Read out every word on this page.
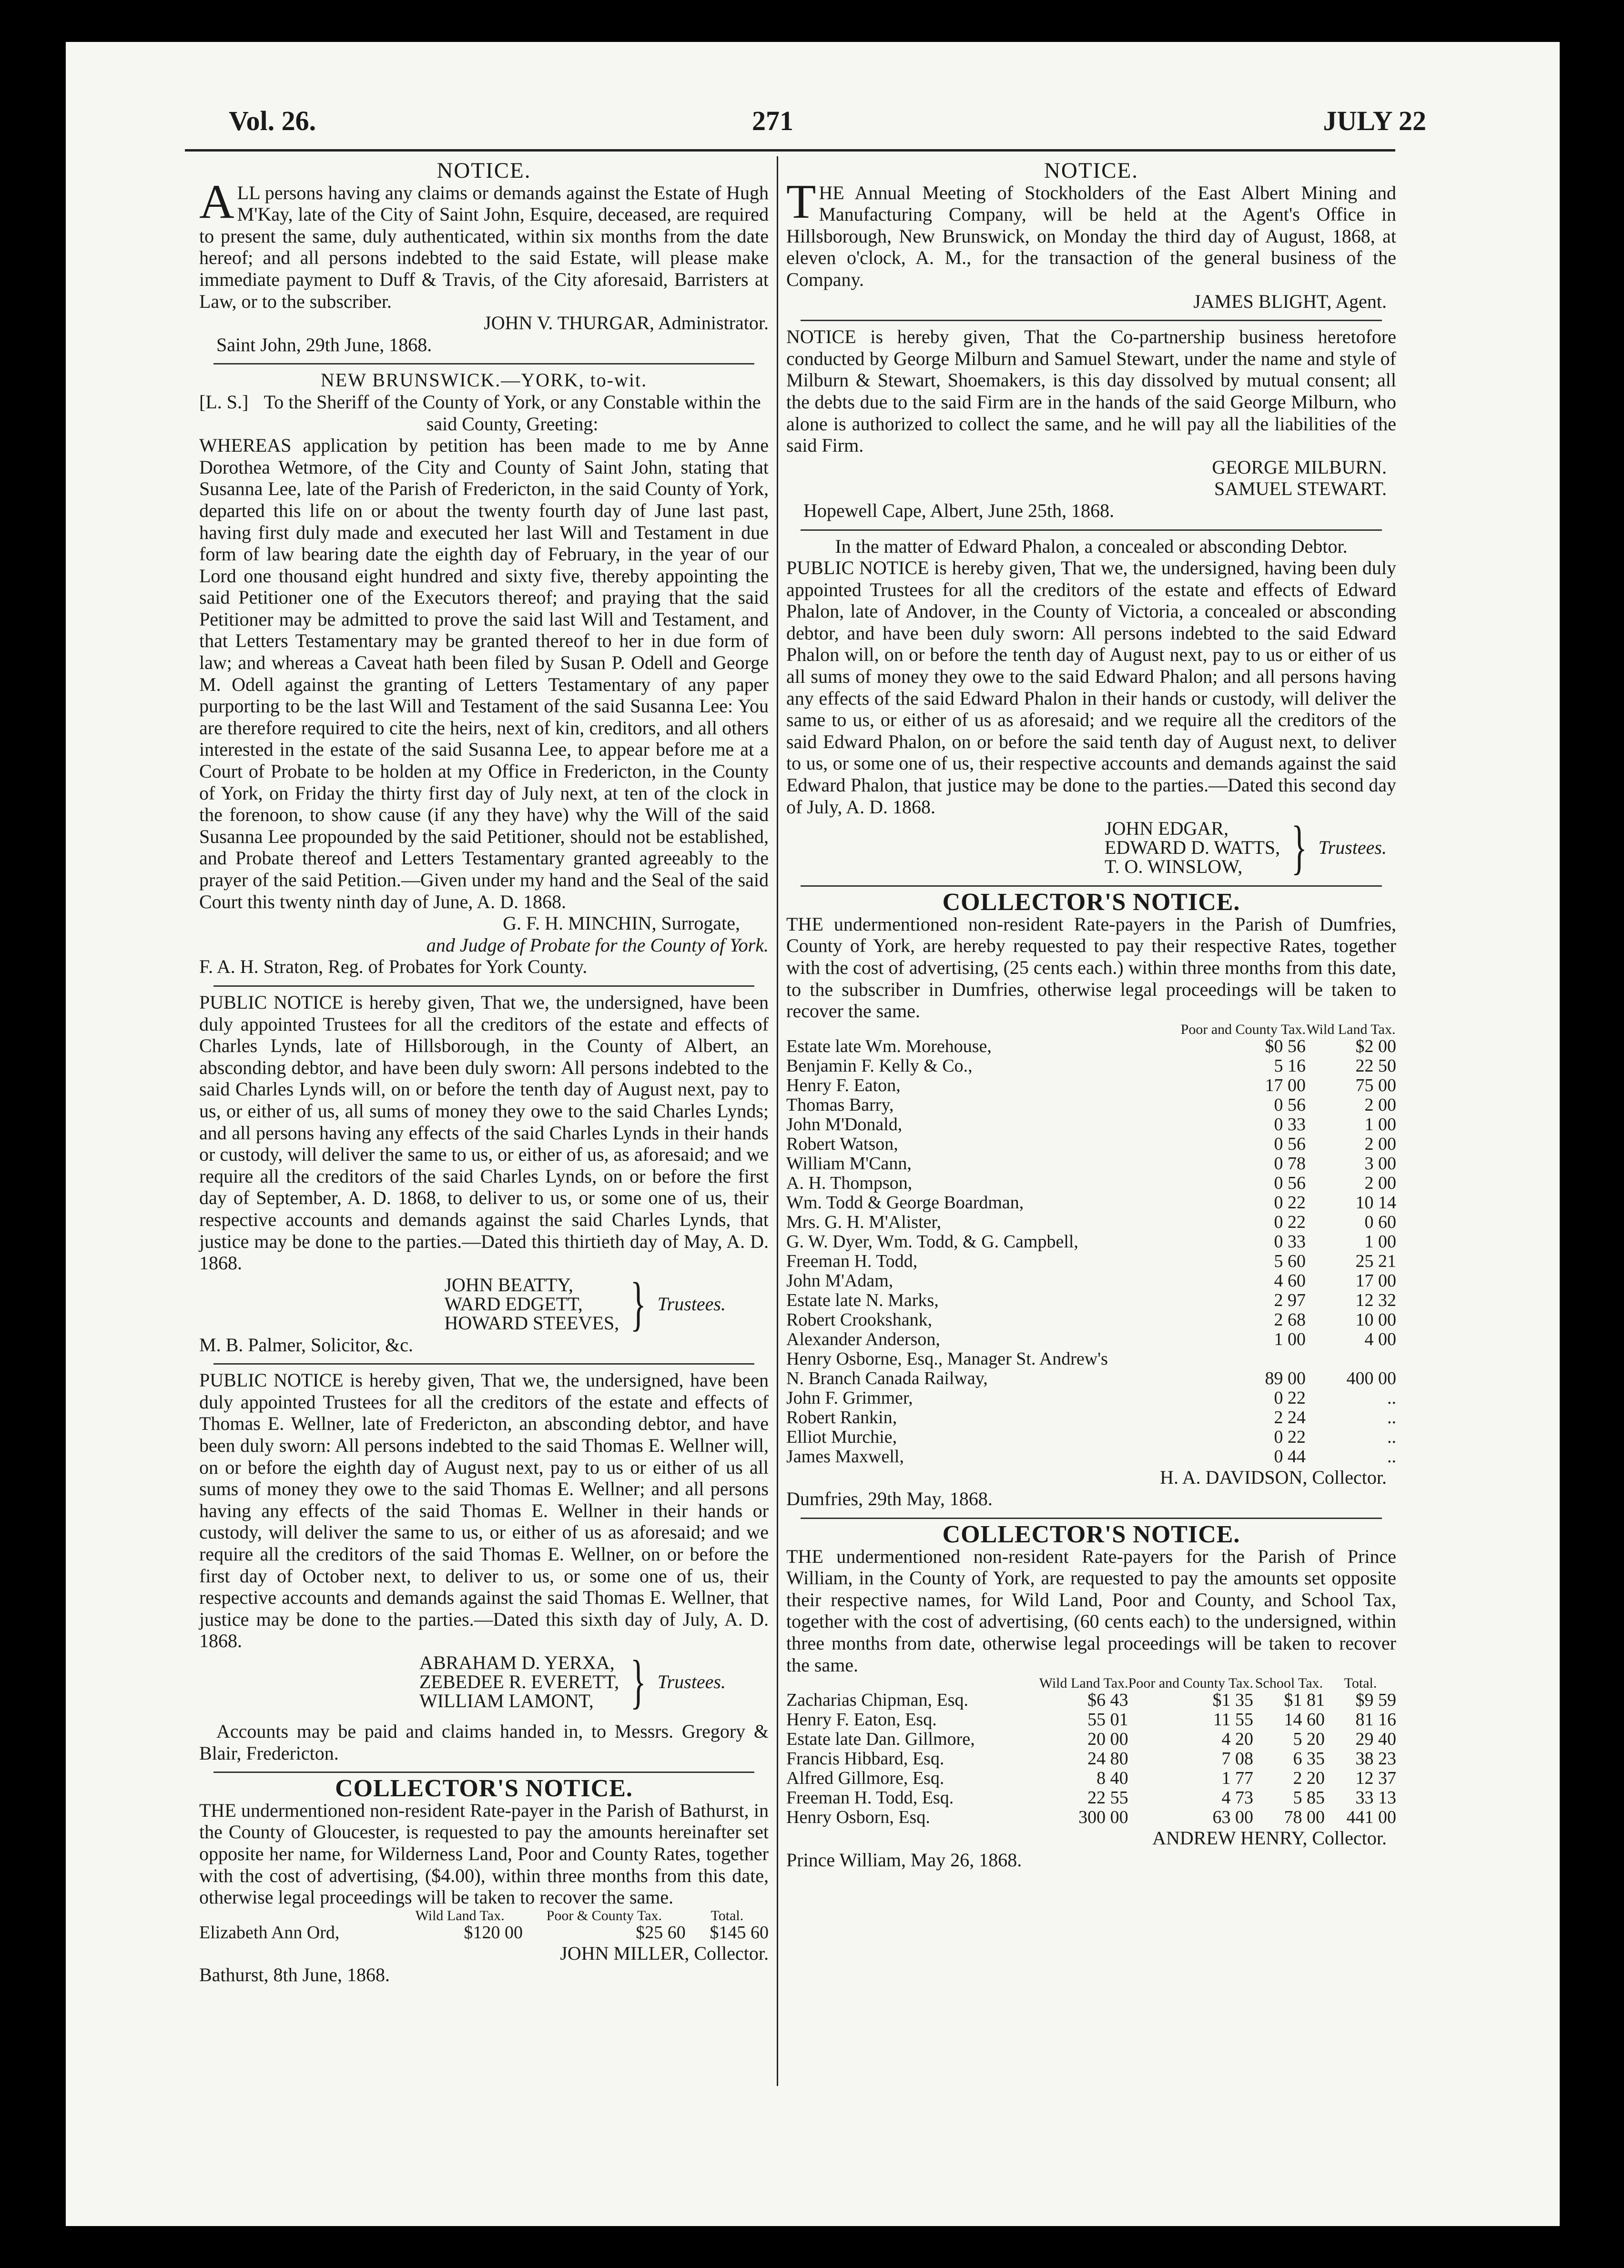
Vol. 26.	271	JULY 22

NOTICE.

ALL persons having any claims or demands against the Estate of Hugh M'Kay, late of the City of Saint John, Esquire, deceased, are required to present the same, duly authenticated, within six months from the date hereof; and all persons indebted to the said Estate, will please make immediate payment to Duff & Travis, of the City aforesaid, Barristers at Law, or to the subscriber.

JOHN V. THURGAR, Administrator.

Saint John, 29th June, 1868.

NEW BRUNSWICK.—YORK, to-wit.

[L. S.] To the Sheriff of the County of York, or any Constable within the said County, Greeting:

WHEREAS application by petition has been made to me by Anne Dorothea Wetmore, of the City and County of Saint John, stating that Susanna Lee, late of the Parish of Fredericton, in the said County of York, departed this life on or about the twenty fourth day of June last past, having first duly made and executed her last Will and Testament in due form of law bearing date the eighth day of February, in the year of our Lord one thousand eight hundred and sixty five, thereby appointing the said Petitioner one of the Executors thereof; and praying that the said Petitioner may be admitted to prove the said last Will and Testament, and that Letters Testamentary may be granted thereof to her in due form of law; and whereas a Caveat hath been filed by Susan P. Odell and George M. Odell against the granting of Letters Testamentary of any paper purporting to be the last Will and Testament of the said Susanna Lee: You are therefore required to cite the heirs, next of kin, creditors, and all others interested in the estate of the said Susanna Lee, to appear before me at a Court of Probate to be holden at my Office in Fredericton, in the County of York, on Friday the thirty first day of July next, at ten of the clock in the forenoon, to show cause (if any they have) why the Will of the said Susanna Lee propounded by the said Petitioner, should not be established, and Probate thereof and Letters Testamentary granted agreeably to the prayer of the said Petition.—Given under my hand and the Seal of the said Court this twenty ninth day of June, A. D. 1868.

G. F. H. MINCHIN, Surrogate,

and Judge of Probate for the County of York.

F. A. H. Straton, Reg. of Probates for York County.

PUBLIC NOTICE is hereby given, That we, the undersigned, have been duly appointed Trustees for all the creditors of the estate and effects of Charles Lynds, late of Hillsborough, in the County of Albert, an absconding debtor, and have been duly sworn: All persons indebted to the said Charles Lynds will, on or before the tenth day of August next, pay to us, or either of us, all sums of money they owe to the said Charles Lynds; and all persons having any effects of the said Charles Lynds in their hands or custody, will deliver the same to us, or either of us, as aforesaid; and we require all the creditors of the said Charles Lynds, on or before the first day of September, A. D. 1868, to deliver to us, or some one of us, their respective accounts and demands against the said Charles Lynds, that justice may be done to the parties.—Dated this thirtieth day of May, A. D. 1868.

JOHN BEATTY,
WARD EDGETT,
HOWARD STEEVES, } Trustees.

M. B. Palmer, Solicitor, &c.

PUBLIC NOTICE is hereby given, That we, the undersigned, have been duly appointed Trustees for all the creditors of the estate and effects of Thomas E. Wellner, late of Fredericton, an absconding debtor, and have been duly sworn: All persons indebted to the said Thomas E. Wellner will, on or before the eighth day of August next, pay to us or either of us all sums of money they owe to the said Thomas E. Wellner; and all persons having any effects of the said Thomas E. Wellner in their hands or custody, will deliver the same to us, or either of us as aforesaid; and we require all the creditors of the said Thomas E. Wellner, on or before the first day of October next, to deliver to us, or some one of us, their respective accounts and demands against the said Thomas E. Wellner, that justice may be done to the parties.—Dated this sixth day of July, A. D. 1868.

ABRAHAM D. YERXA,
ZEBEDEE R. EVERETT,
WILLIAM LAMONT, } Trustees.

Accounts may be paid and claims handed in, to Messrs. Gregory & Blair, Fredericton.

COLLECTOR'S NOTICE.

THE undermentioned non-resident Rate-payer in the Parish of Bathurst, in the County of Gloucester, is requested to pay the amounts hereinafter set opposite her name, for Wilderness Land, Poor and County Rates, together with the cost of advertising, ($4.00), within three months from this date, otherwise legal proceedings will be taken to recover the same.

	Wild Land Tax.	Poor & County Tax.	Total.
Elizabeth Ann Ord,	$120 00	$25 60	$145 60

JOHN MILLER, Collector.

Bathurst, 8th June, 1868.

NOTICE.

THE Annual Meeting of Stockholders of the East Albert Mining and Manufacturing Company, will be held at the Agent's Office in Hillsborough, New Brunswick, on Monday the third day of August, 1868, at eleven o'clock, A. M., for the transaction of the general business of the Company.

JAMES BLIGHT, Agent.

NOTICE is hereby given, That the Co-partnership business heretofore conducted by George Milburn and Samuel Stewart, under the name and style of Milburn & Stewart, Shoemakers, is this day dissolved by mutual consent; all the debts due to the said Firm are in the hands of the said George Milburn, who alone is authorized to collect the same, and he will pay all the liabilities of the said Firm.

GEORGE MILBURN.

SAMUEL STEWART.

Hopewell Cape, Albert, June 25th, 1868.

In the matter of Edward Phalon, a concealed or absconding Debtor.

PUBLIC NOTICE is hereby given, That we, the undersigned, having been duly appointed Trustees for all the creditors of the estate and effects of Edward Phalon, late of Andover, in the County of Victoria, a concealed or absconding debtor, and have been duly sworn: All persons indebted to the said Edward Phalon will, on or before the tenth day of August next, pay to us or either of us all sums of money they owe to the said Edward Phalon; and all persons having any effects of the said Edward Phalon in their hands or custody, will deliver the same to us, or either of us as aforesaid; and we require all the creditors of the said Edward Phalon, on or before the said tenth day of August next, to deliver to us, or some one of us, their respective accounts and demands against the said Edward Phalon, that justice may be done to the parties.—Dated this second day of July, A. D. 1868.

JOHN EDGAR,
EDWARD D. WATTS,
T. O. WINSLOW, } Trustees.

COLLECTOR'S NOTICE.

THE undermentioned non-resident Rate-payers in the Parish of Dumfries, County of York, are hereby requested to pay their respective Rates, together with the cost of advertising, (25 cents each.) within three months from this date, to the subscriber in Dumfries, otherwise legal proceedings will be taken to recover the same.

	Poor and County Tax.	Wild Land Tax.
Estate late Wm. Morehouse,	$0 56	$2 00
Benjamin F. Kelly & Co.,	5 16	22 50
Henry F. Eaton,	17 00	75 00
Thomas Barry,	0 56	2 00
John M'Donald,	0 33	1 00
Robert Watson,	0 56	2 00
William M'Cann,	0 78	3 00
A. H. Thompson,	0 56	2 00
Wm. Todd & George Boardman,	0 22	10 14
Mrs. G. H. M'Alister,	0 22	0 60
G. W. Dyer, Wm. Todd, & G. Campbell,	0 33	1 00
Freeman H. Todd,	5 60	25 21
John M'Adam,	4 60	17 00
Estate late N. Marks,	2 97	12 32
Robert Crookshank,	2 68	10 00
Alexander Anderson,	1 00	4 00
Henry Osborne, Esq., Manager St. Andrew's		
N. Branch Canada Railway,	89 00	400 00
John F. Grimmer,	0 22	..
Robert Rankin,	2 24	..
Elliot Murchie,	0 22	..
James Maxwell,	0 44	..

H. A. DAVIDSON, Collector.

Dumfries, 29th May, 1868.

COLLECTOR'S NOTICE.

THE undermentioned non-resident Rate-payers for the Parish of Prince William, in the County of York, are requested to pay the amounts set opposite their respective names, for Wild Land, Poor and County, and School Tax, together with the cost of advertising, (60 cents each) to the undersigned, within three months from date, otherwise legal proceedings will be taken to recover the same.

	Wild Land Tax.	Poor and County Tax.	School Tax.	Total.
Zacharias Chipman, Esq.	$6 43	$1 35	$1 81	$9 59
Henry F. Eaton, Esq.	55 01	11 55	14 60	81 16
Estate late Dan. Gillmore,	20 00	4 20	5 20	29 40
Francis Hibbard, Esq.	24 80	7 08	6 35	38 23
Alfred Gillmore, Esq.	8 40	1 77	2 20	12 37
Freeman H. Todd, Esq.	22 55	4 73	5 85	33 13
Henry Osborn, Esq.	300 00	63 00	78 00	441 00

ANDREW HENRY, Collector.

Prince William, May 26, 1868.
